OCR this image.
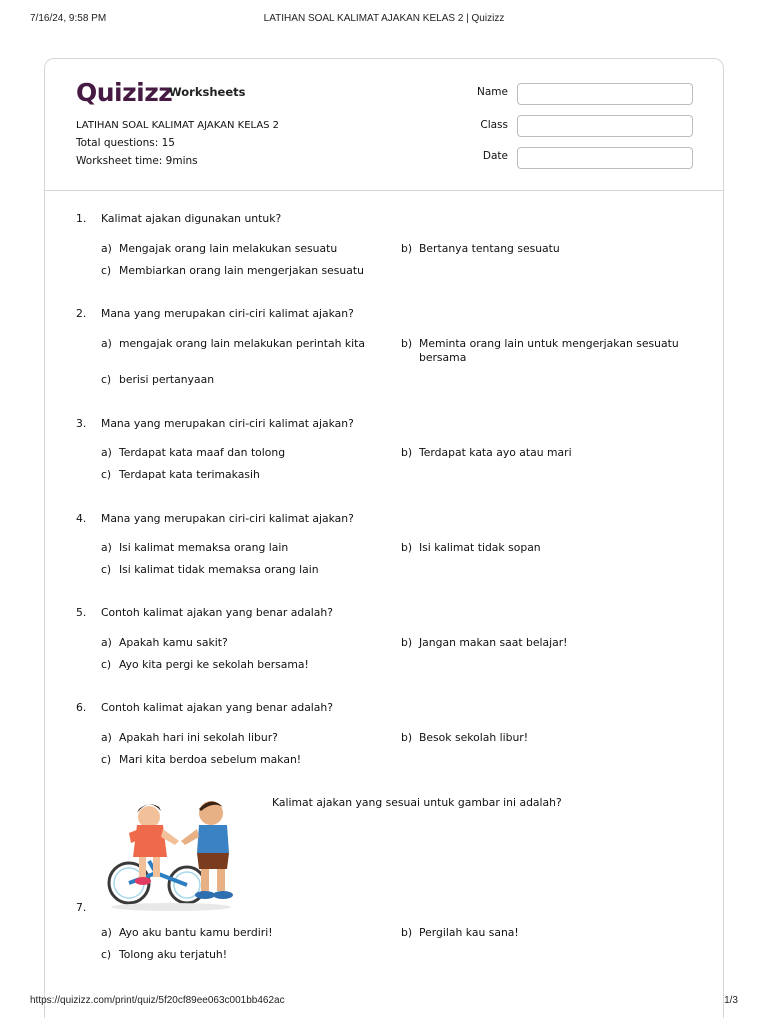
7/16/24, 9:58 PM	LATIHAN SOAL KALIMAT AJAKAN KELAS 2 | Quizizz
Quizizz
Worksheets
LATIHAN SOAL KALIMAT AJAKAN KELAS 2
Total questions: 15
Worksheet time: 9mins
Name
Class
Date
1. Kalimat ajakan digunakan untuk?
a) Mengajak orang lain melakukan sesuatu	b) Bertanya tentang sesuatu
c) Membiarkan orang lain mengerjakan sesuatu
2. Mana yang merupakan ciri-ciri kalimat ajakan?
a) mengajak orang lain melakukan perintah kita	b) Meminta orang lain untuk mengerjakan sesuatu bersama
c) berisi pertanyaan
3. Mana yang merupakan ciri-ciri kalimat ajakan?
a) Terdapat kata maaf dan tolong	b) Terdapat kata ayo atau mari
c) Terdapat kata terimakasih
4. Mana yang merupakan ciri-ciri kalimat ajakan?
a) Isi kalimat memaksa orang lain	b) Isi kalimat tidak sopan
c) Isi kalimat tidak memaksa orang lain
5. Contoh kalimat ajakan yang benar adalah?
a) Apakah kamu sakit?	b) Jangan makan saat belajar!
c) Ayo kita pergi ke sekolah bersama!
6. Contoh kalimat ajakan yang benar adalah?
a) Apakah hari ini sekolah libur?	b) Besok sekolah libur!
c) Mari kita berdoa sebelum makan!
Kalimat ajakan yang sesuai untuk gambar ini adalah?
7.
a) Ayo aku bantu kamu berdiri!	b) Pergilah kau sana!
c) Tolong aku terjatuh!
https://quizizz.com/print/quiz/5f20cf89ee063c001bb462ac	1/3
